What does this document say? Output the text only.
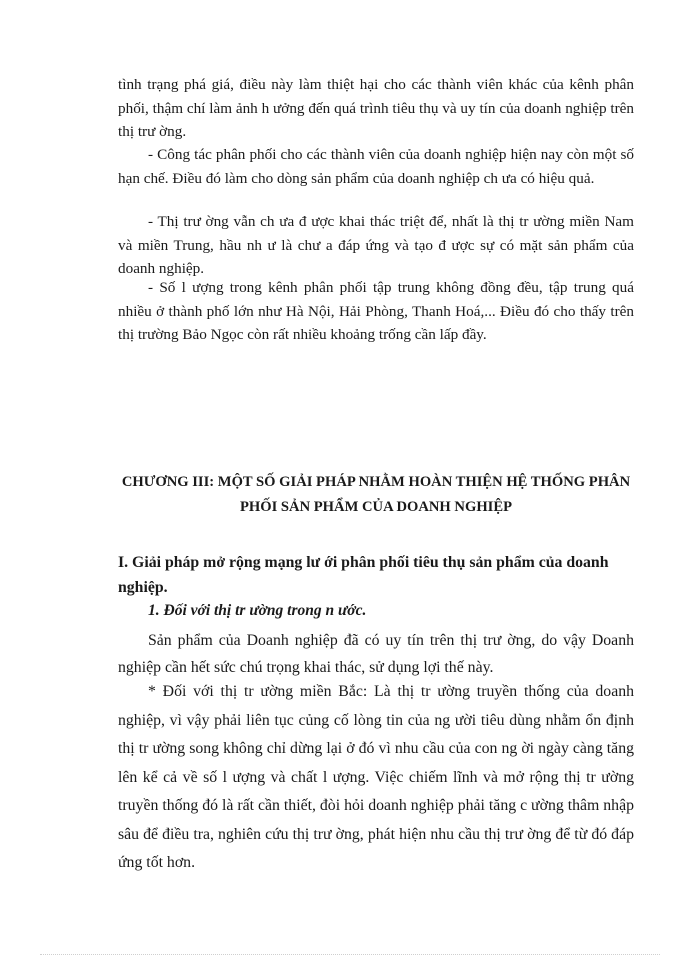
tình trạng phá giá, điều này làm thiệt hại cho các thành viên khác của kênh phân phối, thậm chí làm ảnh h ưởng đến quá trình tiêu thụ và uy tín của doanh nghiệp trên thị trư ờng.

- Công tác phân phối cho các thành viên của doanh nghiệp hiện nay còn một số hạn chế. Điều đó làm cho dòng sản phẩm của doanh nghiệp ch ưa có hiệu quả.

- Thị trư ờng vẫn ch ưa đ ược khai thác triệt để, nhất là thị tr ường miền Nam và miền Trung, hầu nh ư là chư a đáp ứng và tạo đ ược sự có mặt sản phẩm của doanh nghiệp.

- Số l ượng trong kênh phân phối tập trung không đồng đều, tập trung quá nhiều ở thành phố lớn như Hà Nội, Hải Phòng, Thanh Hoá,... Điều đó cho thấy trên thị trường Bảo Ngọc còn rất nhiều khoảng trống cần lấp đầy.

CHƯƠNG III: MỘT SỐ GIẢI PHÁP NHẰM HOÀN THIỆN HỆ THỐNG PHÂN PHỐI SẢN PHẨM CỦA DOANH NGHIỆP
I. Giải pháp mở rộng mạng lư ới phân phối tiêu thụ sản phẩm của doanh nghiệp.
1. Đối với thị tr ường trong n ước.

Sản phẩm của Doanh nghiệp đã có uy tín trên thị trư ờng, do vậy Doanh nghiệp cần hết sức chú trọng khai thác, sử dụng lợi thế này.

* Đối với thị tr ường miền Bắc: Là thị tr ường truyền thống của doanh nghiệp, vì vậy phải liên tục củng cố lòng tin của ng ười tiêu dùng nhằm ổn định thị tr ường song không chỉ dừng lại ở đó vì nhu cầu của con ng ời ngày càng tăng lên kể cả về số l ượng và chất l ượng. Việc chiếm lĩnh và mở rộng thị tr ường truyền thống đó là rất cần thiết, đòi hỏi doanh nghiệp phải tăng c ường thâm nhập sâu để điều tra, nghiên cứu thị trư ờng, phát hiện nhu cầu thị trư ờng để từ đó đáp ứng tốt hơn.
